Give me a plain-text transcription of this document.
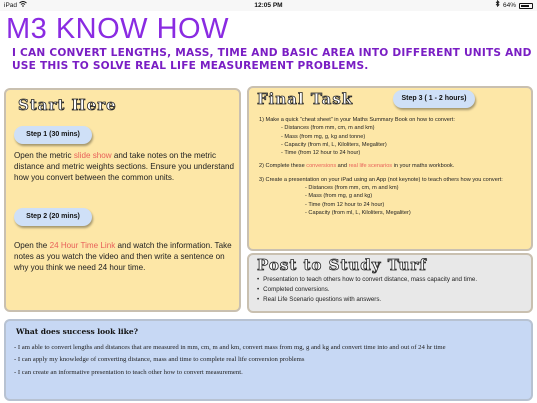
iPad	12:05 PM	64%
M3 KNOW HOW
I CAN CONVERT LENGTHS, MASS, TIME AND BASIC AREA INTO DIFFERENT UNITS AND USE THIS TO SOLVE REAL LIFE MEASUREMENT PROBLEMS.
Start Here
Step 1 (30 mins)
Open the metric slide show and take notes on the metric distance and metric weights sections. Ensure you understand how you convert between the common units.
Step 2 (20 mins)
Open the 24 Hour Time Link and watch the information. Take notes as you watch the video and then write a sentence on why you think we need 24 hour time.
Final Task	Step 3 ( 1 - 2 hours)
1) Make a quick “cheat sheet” in your Maths Summary Book on how to convert:
- Distances (from mm, cm, m and km)
- Mass (from mg, g, kg and tonne)
- Capacity (from ml, L, Kiloliters, Megaliter)
- Time (from 12 hour to 24 hour)
2) Complete these conversions and real life scenarios in your maths workbook.
3) Create a presentation on your iPad using an App (not keynote) to teach others how you convert:
- Distances (from mm, cm, m and km)
- Mass (from mg, g and kg)
- Time (from 12 hour to 24 hour)
- Capacity (from ml, L, Kiloliters, Megaliter)
Post to Study Turf
• Presentation to teach others how to convert distance, mass capacity and time.
• Completed conversions.
• Real Life Scenario questions with answers.
What does success look like?
- I am able to convert lengths and distances that are measured in mm, cm, m and km, convert mass from mg, g and kg and convert time into and out of 24 hr time
- I can apply my knowledge of converting distance, mass and time to complete real life conversion problems
- I can create an informative presentation to teach other how to convert measurement.
